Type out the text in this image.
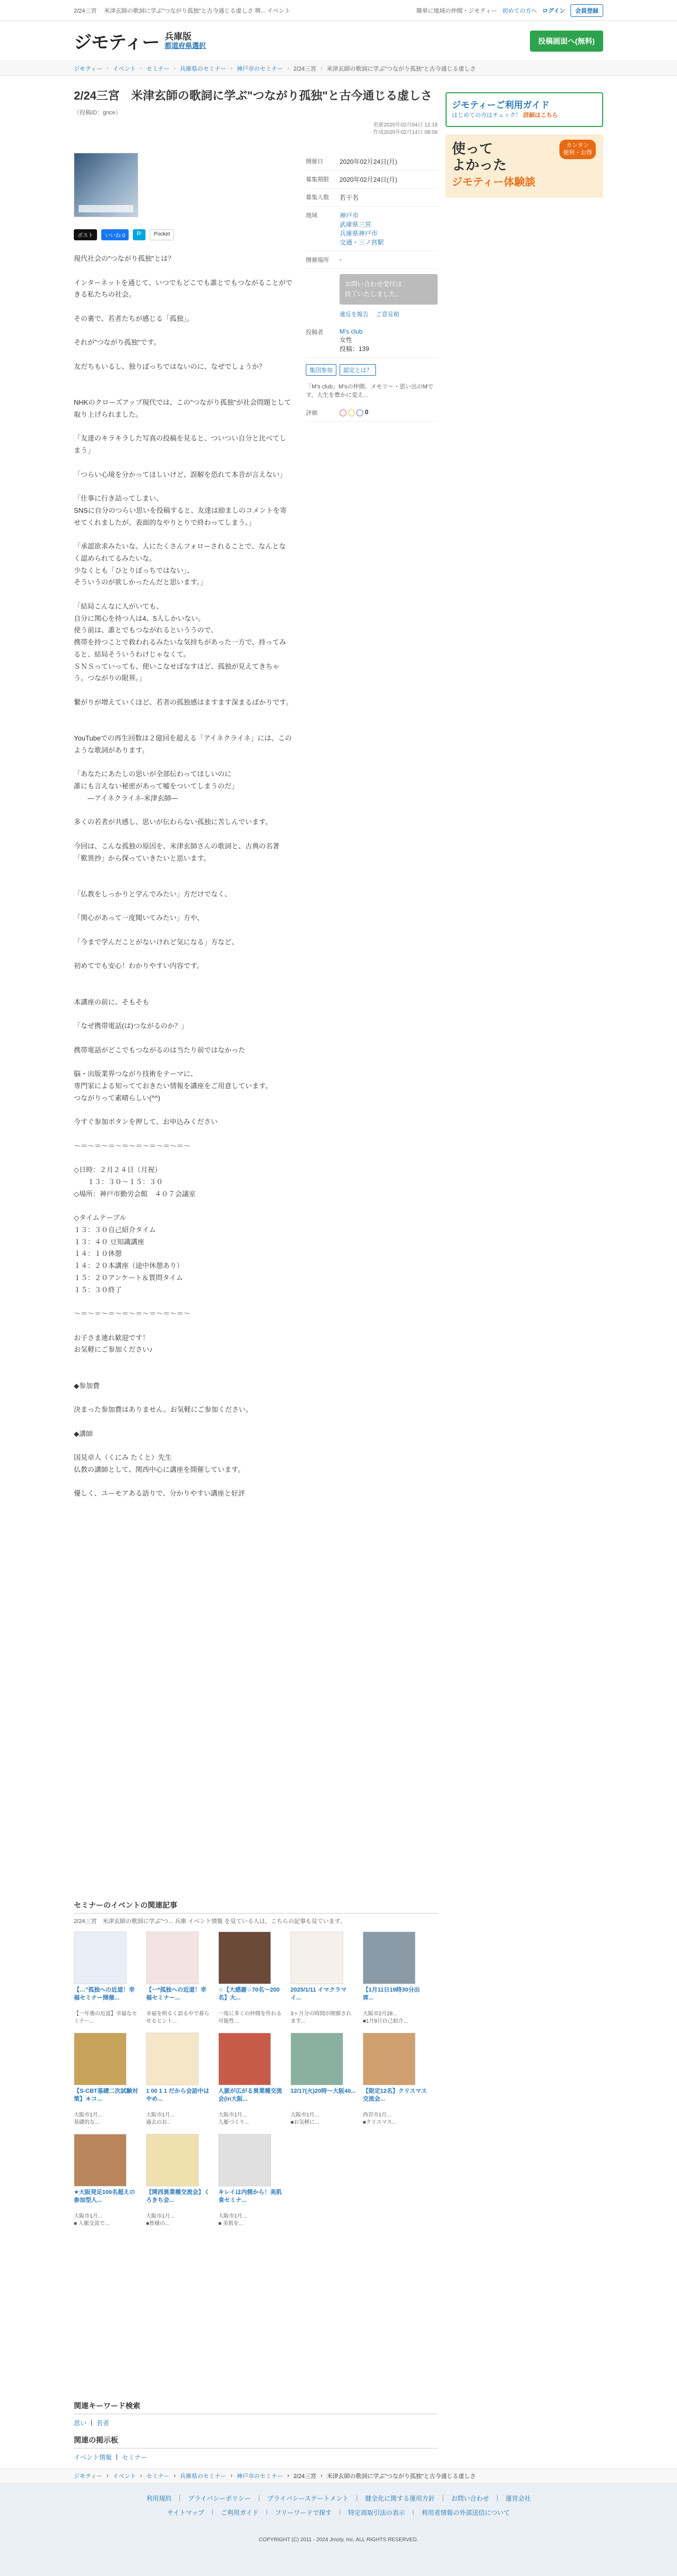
2/24三宮 米津玄師の歌詞に学ぶ"つながり孤独"と古今通じる虚しさ 堺... イベント	簡単に地域の仲間・ジモティー 初めての方へ ログイン	会員登録
ジモティー 兵庫版
都道府県選択
投稿画面へ(無料)
ジモティー › イベント › セミナー › 兵庫県のセミナー › 神戸市のセミナー › 2/24三宮 › 米津玄師の歌詞に学ぶ"つながり孤独"と古今通じる虚しさ
2/24三宮　米津玄師の歌詞に学ぶ"つながり孤独"と古今通じる虚しさ
（投稿ID：gnce）
更新2020年02月04日 12:18
作成2020年02月14日 08:58
ポスト	いいね 0	B!	Pocket
開催日	2020年02月24日(月)
募集期限	2020年02月24日(月)
募集人数	若干名
地域	神戸市
武庫県三宮
兵庫県神戸市
交通・三ノ宮駅
開催場所	-
お問い合わせ受付は
終了いたしました。
違反を報告 ご意見箱
投稿者	M's club
女性
投稿：139
集団参加	認定とは？
「M's club」M'sの仲間。メモリ〜・思い出のMです。大生を豊かに変え...
評価	0
現代社会の"つながり孤独"とは？

インターネットを通じて、いつでもどこでも誰とでもつながることができる私たちの社会。

その裏で、若者たちが感じる「孤独」。

それが"つながり孤独"です。

友だちもいるし、独りぼっちではないのに、なぜでしょうか？

NHKのクローズアップ現代では、この"つながり孤独"が社会問題として取り上げられました。

「友達のキラキラした写真の投稿を見ると、ついつい自分と比べてしまう」

「つらい心境を分かってほしいけど、誤解を恐れて本音が言えない」

「仕事に行き詰ってしまい、
SNSに自分のつらい思いを投稿すると、友達は励ましのコメントを寄せてくれましたが、表面的なやりとりで終わってしまう。」

「承認欲求みたいな、人にたくさんフォローされることで、なんとなく認められてるみたいな。
少なくとも「ひとりぼっちではない」、
そういうのが欲しかったんだと思います。」

「結局こんなに人がいても、
自分に関心を持つ人は4、5人しかいない。
使う前は、誰とでもつながれるといううので、
携帯を持つことで救われるみたいな気持ちがあった一方で、持ってみると、結局そういうわけじゃなくて。
ＳＮＳっていっても、使いこなせばなすほど、孤独が見えてきちゃう。つながりの限界。」

繋がりが増えていくほど、若者の孤独感はますます深まるばかりです。

YouTubeでの再生回数は２億回を超える「アイネクライネ」には、このような歌詞があります。

「あなたにあたしの思いが全部伝わってほしいのに
誰にも言えない秘密があって嘘をついてしまうのだ」
　　―アイネクライネ‐米津玄師―

多くの若者が共感し、思いが伝わらない孤独に苦しんでいます。

今回は、こんな孤独の原因を、米津玄師さんの歌詞と、古典の名著「歎異抄」から探っていきたいと思います。

「仏教をしっかりと学んでみたい」方だけでなく、

「関心があって一度聞いてみたい」方や、

「今まで学んだことがないけれど気になる」方など、

初めてでも安心！わかりやすい内容です。

本講座の前に、そもそも

「なぜ携帯電話(は)つながるのか？」

携帯電話がどこでもつながるのは当たり前ではなかった

脳・出版業界つながり技術をテーマに、
専門家による知ってておきたい情報を講座をご用意しています。
つながりって素晴らしい(^^)

今すぐ参加ボタンを押して、お申込みください

～＝～＝～＝～＝～＝～＝～＝～＝～

◇日時：２月２４日（月祝）
　　１３：３０～１５：３０
◇場所：神戸市勤労会館　４０７会議室

◇タイムテーブル
１３：３０自己紹介タイム
１３：４０ 豆知識講座
１４：１０休憩
１４：２０本講座（途中休憩あり）
１５：２０アンケート＆質問タイム
１５：３０終了

～＝～＝～＝～＝～＝～＝～＝～＝～

お子さま連れ歓迎です！
お気軽にご参加ください♪

◆参加費

決まった参加費はありません。お気軽にご参加ください。

◆講師

国見卓人（くにみ たくと）先生
仏教の講師として、関西中心に講座を開催しています。

優しく、ユーモアある語りで、分かりやすい講座と好評
ジモティーご利用ガイド
はじめての方はチェック！ 詳細はこちら
使って
よかった
ジモティー体験談
カンタン
便利・お得
セミナーのイベントの関連記事
2/24三宮　米津玄師の歌詞に学ぶ"つ... 兵庫 イベント情報 を見ている人は、こちらの記事も見ています。
【…"孤独への近道！幸福セミナー開催...
【一年後の近道】幸福なセミナー...
【一*孤独への近道！幸福セミナー...
幸福を明るく語る中で暮らせるヒント...
☆【大感謝☆70名〜200名】大...
一度に多くの仲間を作れる可能性...
2025/1/11 イマクラマイ...
3ヶ月分の時間が開催されます...
【1月11日19時30分出席...
大阪市2月28...
■1月9日自己紹介...
【S-CBT基礎二次試験対策】＊コ...
大阪市1月...
基礎的な...
1 00 1 1 だから会話中はやめ...
大阪市1月...
過去のお..
人脈が広がる異業種交流会(in大阪...
大阪市1月...
人脈づくり...
12/17(火)20時〜大阪40...
大阪市1月...
■お気軽に...
【限定12名】クリスマス交流会...
西宮市1月...
■クリスマス...
★大阪発足100名超えの参加型人...
大阪市1月...
■ 人脈交流で...
【関西異業種交流会】くろきち会...
大阪市1月...
■皆様の...
キレイは内側から！美肌食セミナ...
大阪市1月...
■ 美肌を...
関連キーワード検索
思い | 若者
関連の掲示板
イベント情報 | セミナー
ジモティー › イベント › セミナー › 兵庫県のセミナー › 神戸市のセミナー › 2/24三宮 › 米津玄師の歌詞に学ぶ"つながり孤独"と古今通じる虚しさ
利用規約 | プライバシーポリシー | プライバシーステートメント | 健全化に関する運用方針 | お問い合わせ | 運営会社
サイトマップ | ご利用ガイド | フリーワードで探す | 特定商取引法の表示 | 利用者情報の外部送信について
COPYRIGHT (C) 2011 - 2024 Jmoty, Inc. ALL RIGHTS RESERVED.
